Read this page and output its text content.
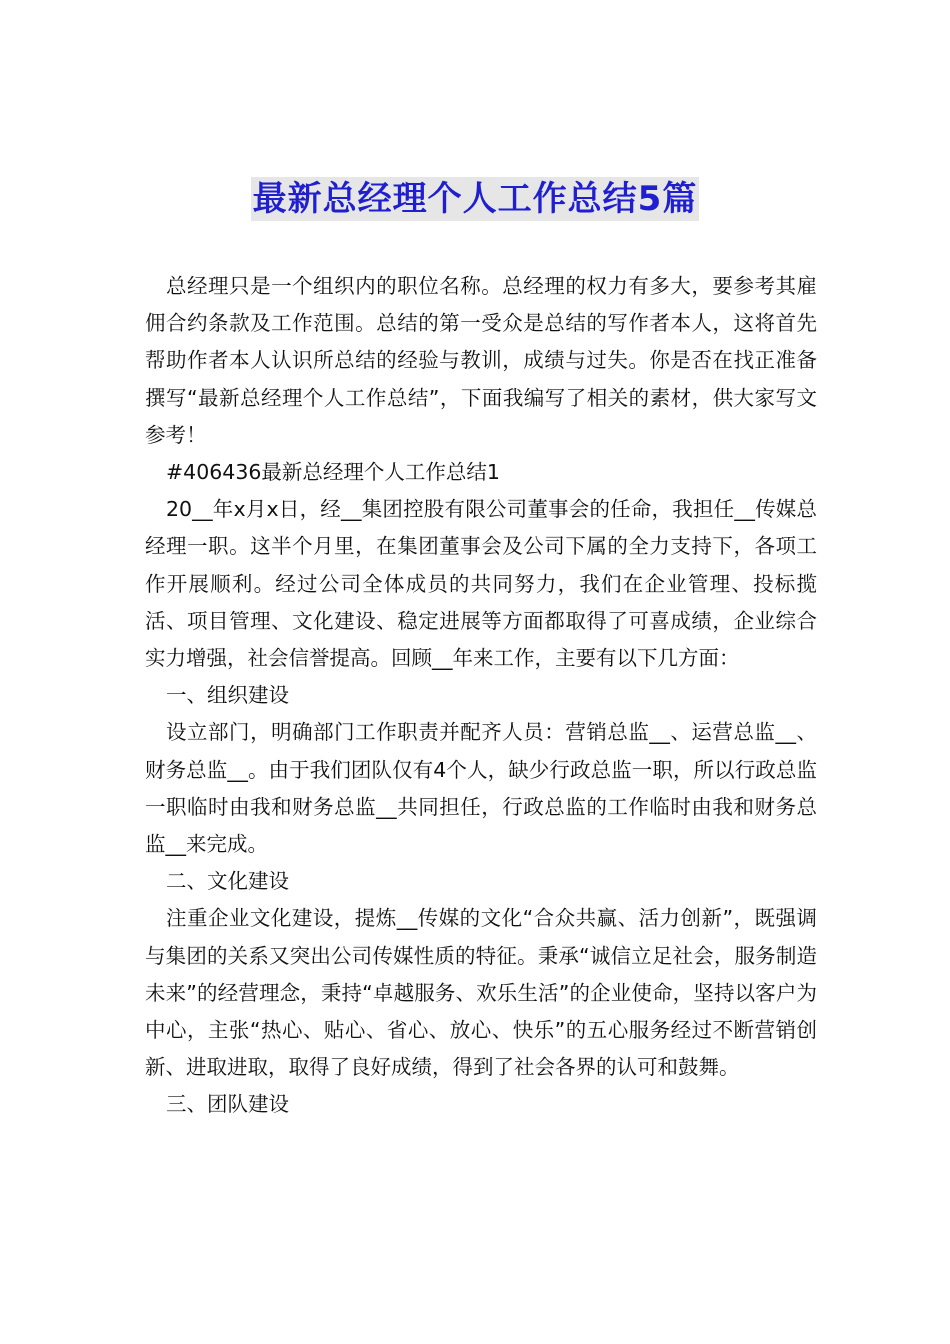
最新总经理个人工作总结5篇

总经理只是一个组织内的职位名称。总经理的权力有多大，要参考其雇佣合约条款及工作范围。总结的第一受众是总结的写作者本人，这将首先帮助作者本人认识所总结的经验与教训，成绩与过失。你是否在找正准备撰写“最新总经理个人工作总结”，下面我编写了相关的素材，供大家写文参考！

#406436最新总经理个人工作总结1

20__年x月x日，经__集团控股有限公司董事会的任命，我担任__传媒总经理一职。这半个月里，在集团董事会及公司下属的全力支持下，各项工作开展顺利。经过公司全体成员的共同努力，我们在企业管理、投标揽活、项目管理、文化建设、稳定进展等方面都取得了可喜成绩，企业综合实力增强，社会信誉提高。回顾__年来工作，主要有以下几方面：

一、组织建设

设立部门，明确部门工作职责并配齐人员：营销总监__、运营总监__、财务总监__。由于我们团队仅有4个人，缺少行政总监一职，所以行政总监一职临时由我和财务总监__共同担任，行政总监的工作临时由我和财务总监__来完成。

二、文化建设

注重企业文化建设，提炼__传媒的文化“合众共赢、活力创新”，既强调与集团的关系又突出公司传媒性质的特征。秉承“诚信立足社会，服务制造未来”的经营理念，秉持“卓越服务、欢乐生活”的企业使命，坚持以客户为中心，主张“热心、贴心、省心、放心、快乐”的五心服务经过不断营销创新、进取进取，取得了良好成绩，得到了社会各界的认可和鼓舞。

三、团队建设
